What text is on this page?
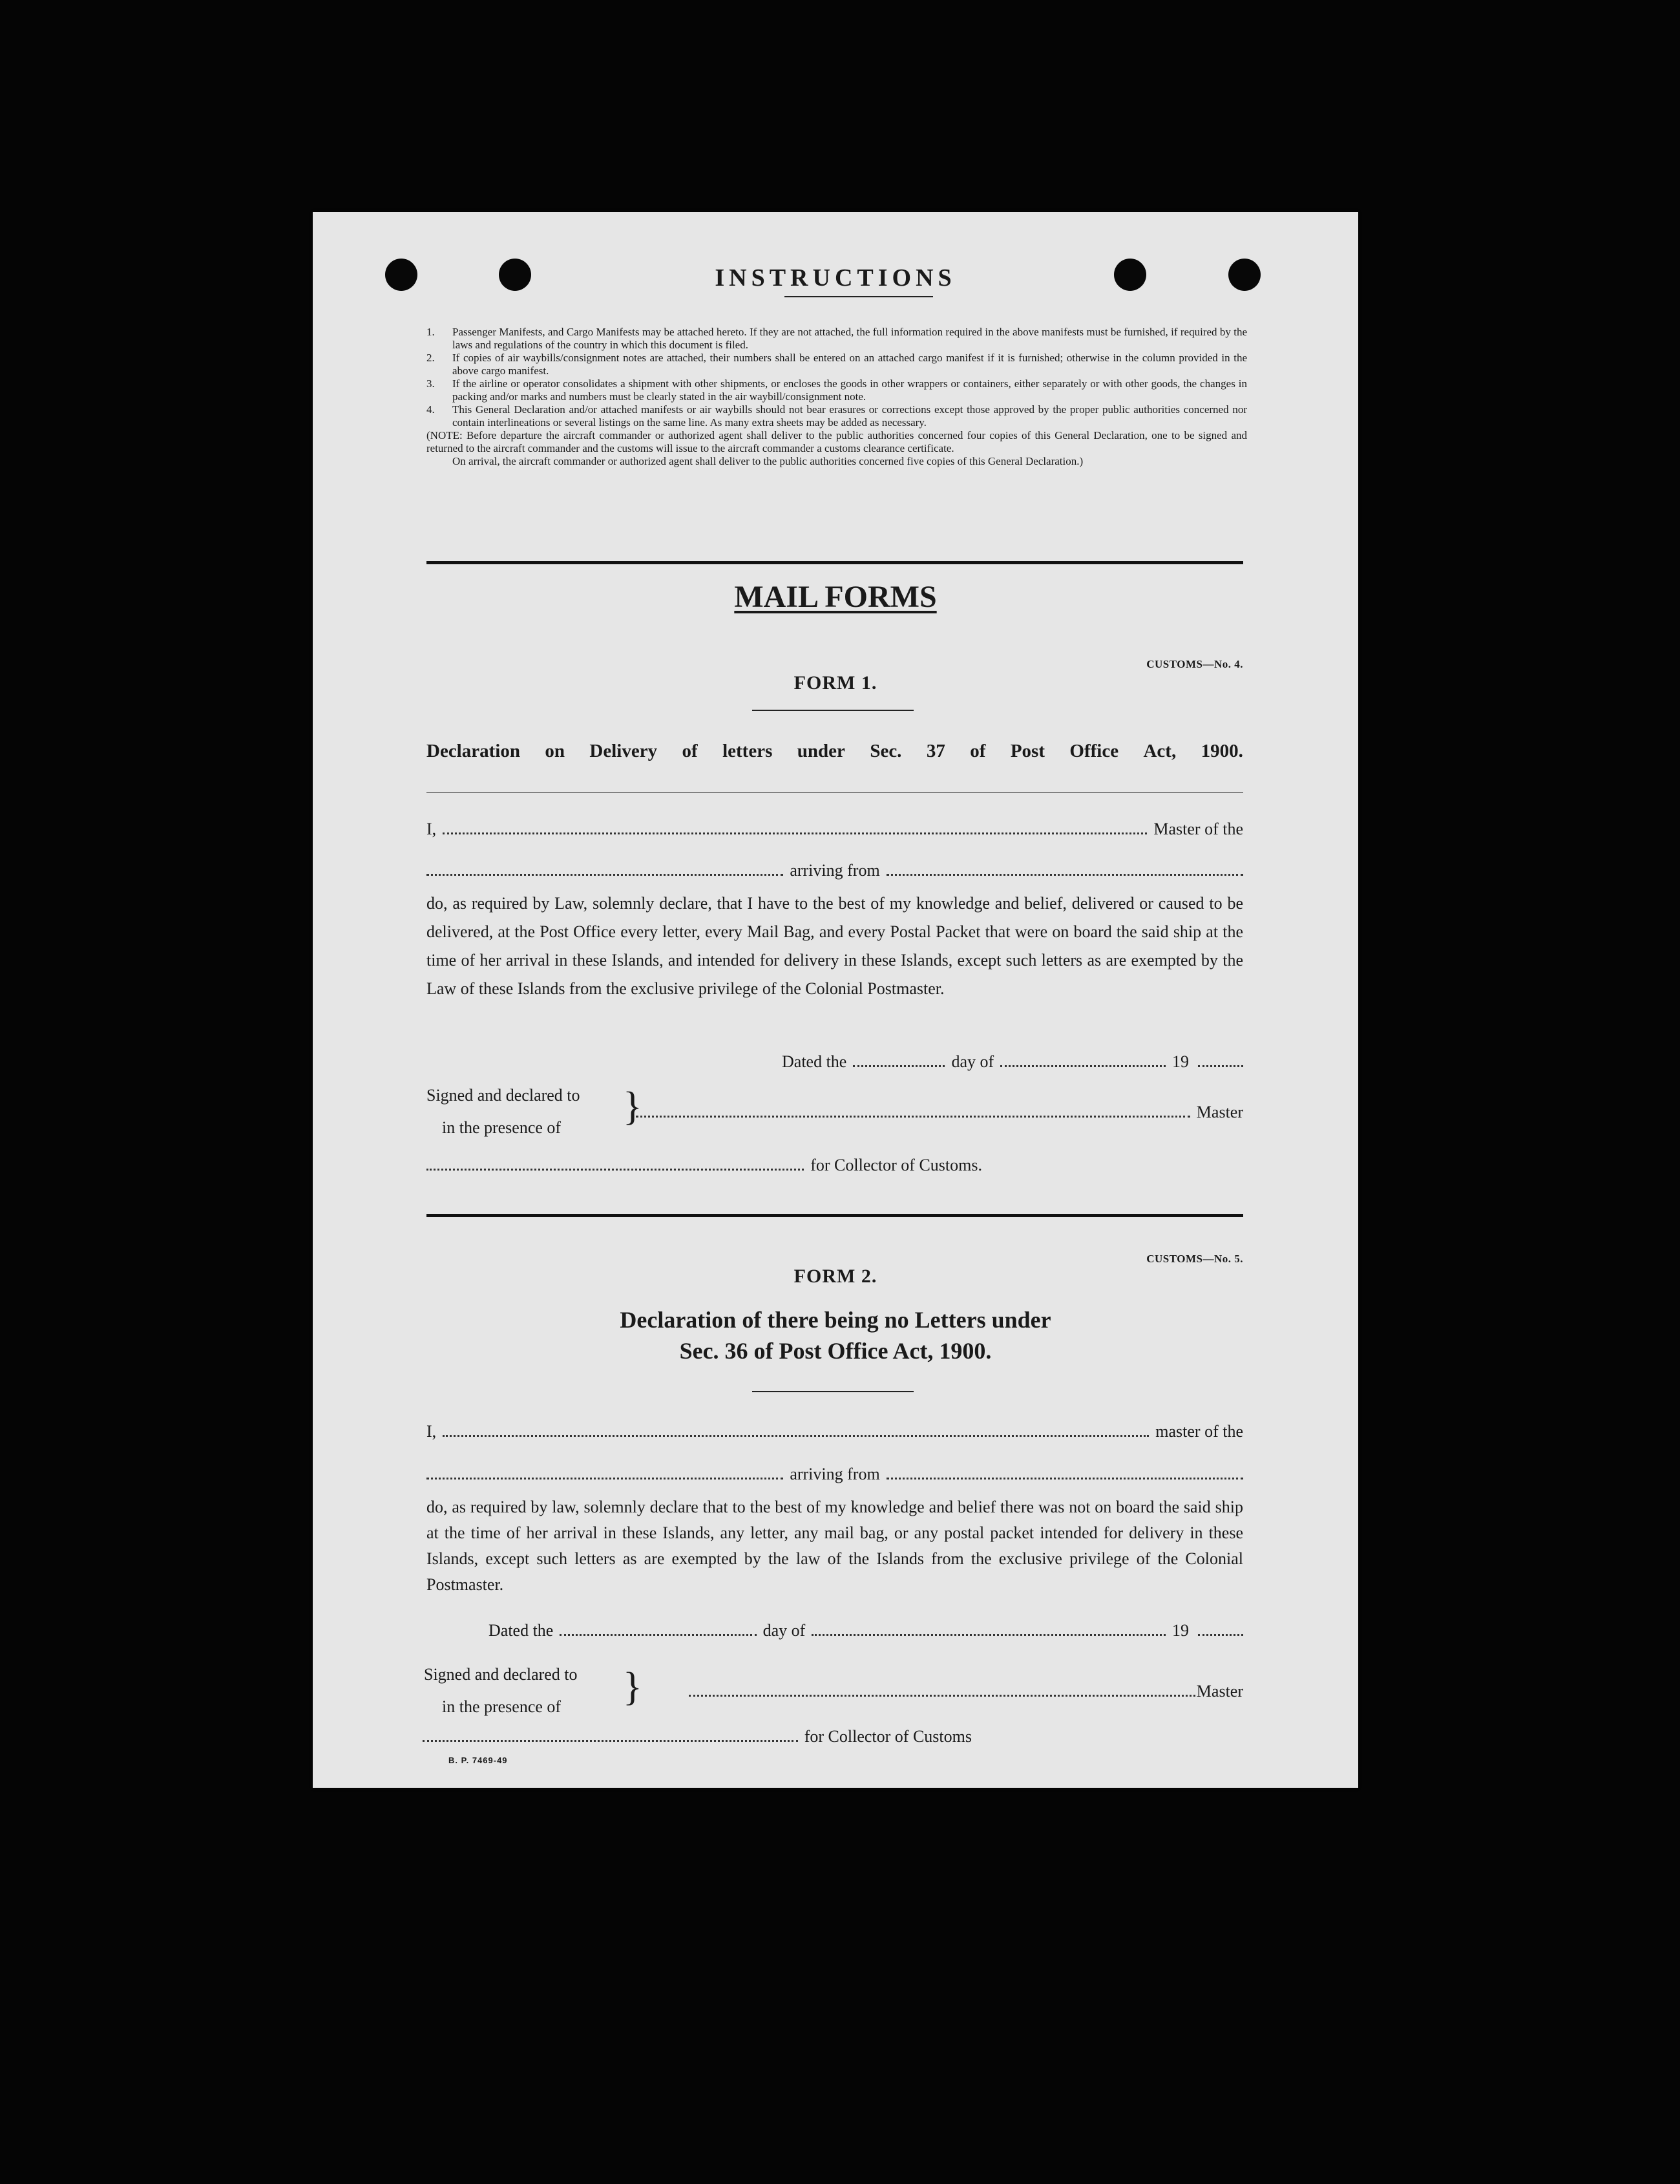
INSTRUCTIONS
1.	Passenger Manifests, and Cargo Manifests may be attached hereto. If they are not attached, the full information required in the above manifests must be furnished, if required by the laws and regulations of the country in which this document is filed.
2.	If copies of air waybills/consignment notes are attached, their numbers shall be entered on an attached cargo manifest if it is furnished; otherwise in the column provided in the above cargo manifest.
3.	If the airline or operator consolidates a shipment with other shipments, or encloses the goods in other wrappers or containers, either separately or with other goods, the changes in packing and/or marks and numbers must be clearly stated in the air waybill/consignment note.
4.	This General Declaration and/or attached manifests or air waybills should not bear erasures or corrections except those approved by the proper public authorities concerned nor contain interlineations or several listings on the same line. As many extra sheets may be added as necessary.
(NOTE: Before departure the aircraft commander or authorized agent shall deliver to the public authorities concerned four copies of this General Declaration, one to be signed and returned to the aircraft commander and the customs will issue to the aircraft commander a customs clearance certificate.
On arrival, the aircraft commander or authorized agent shall deliver to the public authorities concerned five copies of this General Declaration.)
MAIL FORMS
CUSTOMS—No. 4.
FORM 1.
Declaration on Delivery of letters under Sec. 37 of Post Office Act, 1900.
I,	Master of the
arriving from
do, as required by Law, solemnly declare, that I have to the best of my knowledge and belief, delivered or caused to be delivered, at the Post Office every letter, every Mail Bag, and every Postal Packet that were on board the said ship at the time of her arrival in these Islands, and intended for delivery in these Islands, except such letters as are exempted by the Law of these Islands from the exclusive privilege of the Colonial Postmaster.
Dated the	day of	19
Signed and declared to
in the presence of }	Master
for Collector of Customs.
CUSTOMS—No. 5.
FORM 2.
Declaration of there being no Letters under
Sec. 36 of Post Office Act, 1900.
I,	master of the
arriving from
do, as required by law, solemnly declare that to the best of my knowledge and belief there was not on board the said ship at the time of her arrival in these Islands, any letter, any mail bag, or any postal packet intended for delivery in these Islands, except such letters as are exempted by the law of the Islands from the exclusive privilege of the Colonial Postmaster.
Dated the	day of	19
Signed and declared to
in the presence of }	Master
for Collector of Customs
B. P. 7469-49
